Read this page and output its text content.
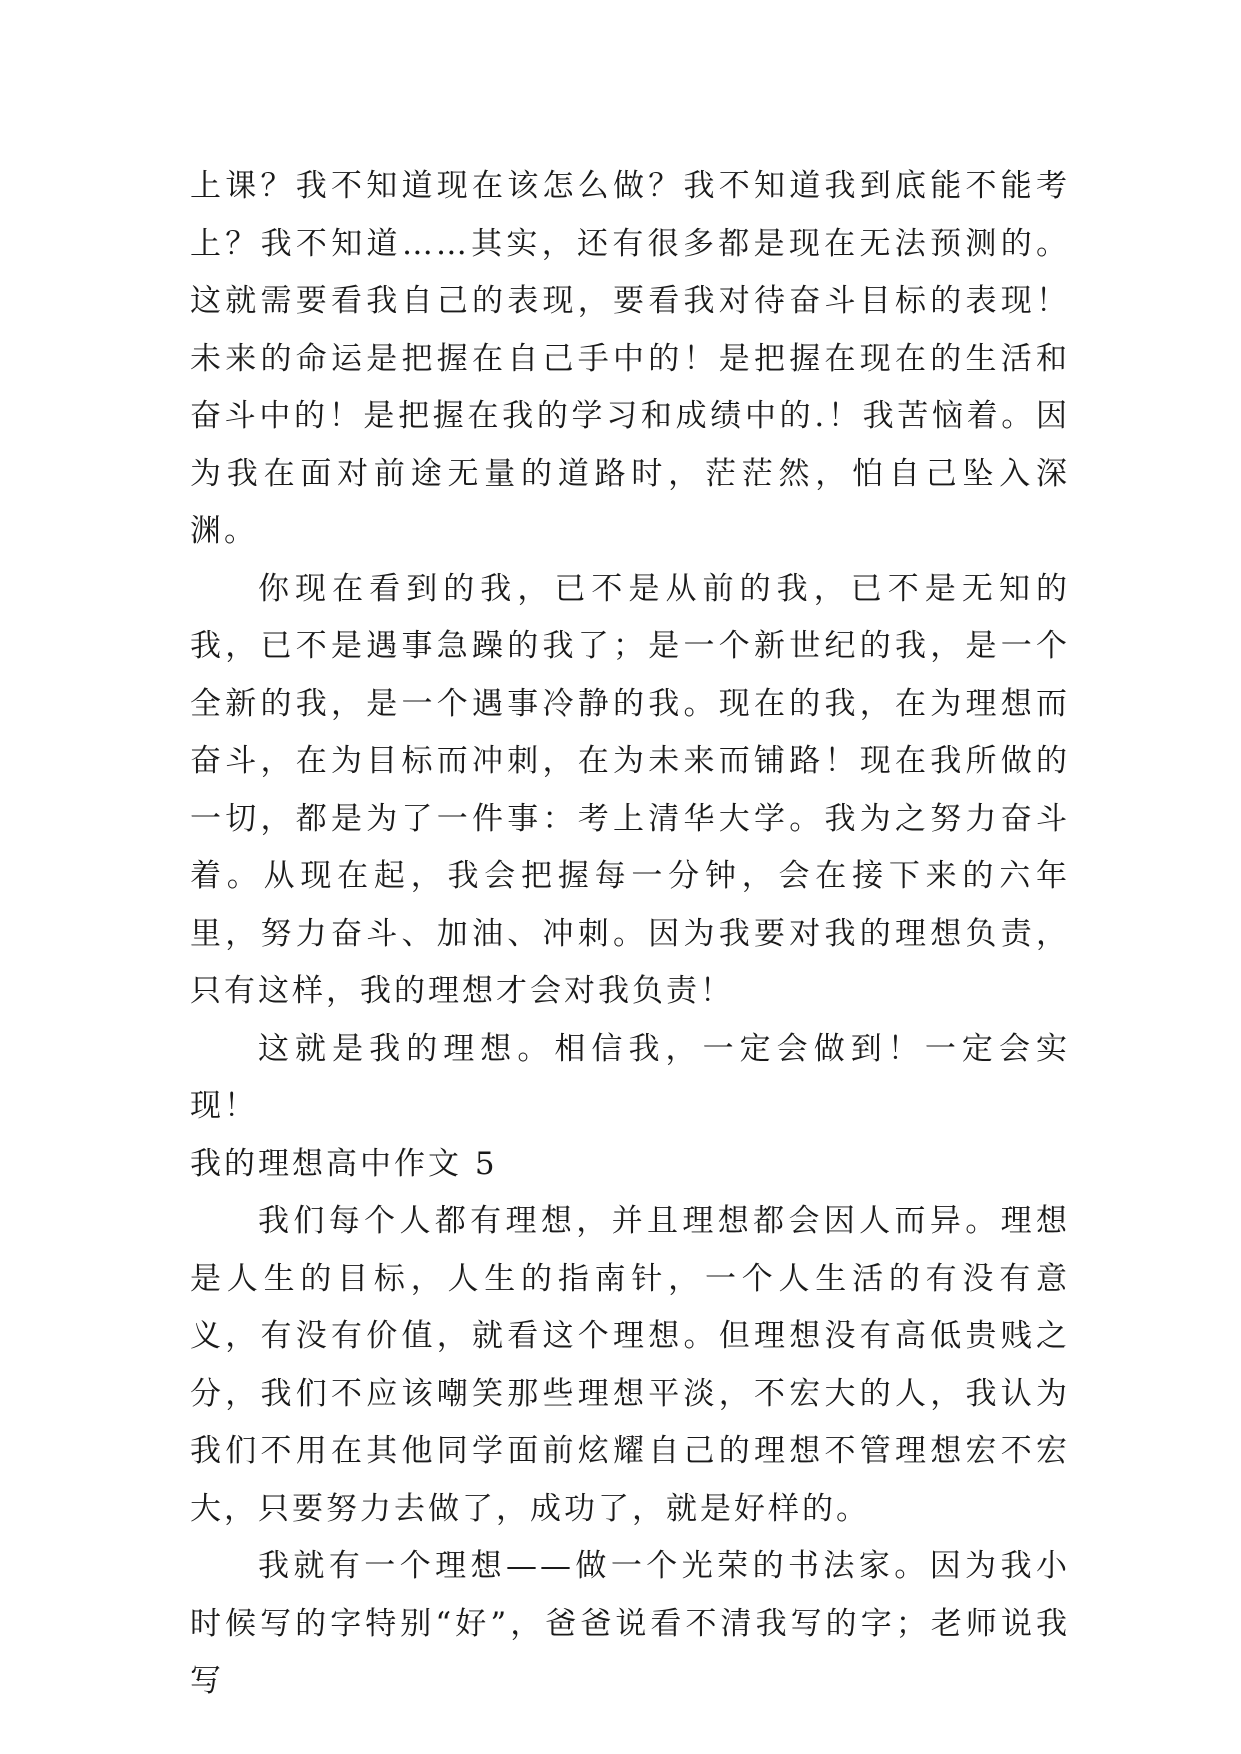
上课？我不知道现在该怎么做？我不知道我到底能不能考上？我不知道……其实，还有很多都是现在无法预测的。这就需要看我自己的表现，要看我对待奋斗目标的表现！未来的命运是把握在自己手中的！是把握在现在的生活和奋斗中的！是把握在我的学习和成绩中的.！我苦恼着。因为我在面对前途无量的道路时，茫茫然，怕自己坠入深渊。

你现在看到的我，已不是从前的我，已不是无知的我，已不是遇事急躁的我了；是一个新世纪的我，是一个全新的我，是一个遇事冷静的我。现在的我，在为理想而奋斗，在为目标而冲刺，在为未来而铺路！现在我所做的一切，都是为了一件事：考上清华大学。我为之努力奋斗着。从现在起，我会把握每一分钟，会在接下来的六年里，努力奋斗、加油、冲刺。因为我要对我的理想负责，只有这样，我的理想才会对我负责！

这就是我的理想。相信我，一定会做到！一定会实现！

我的理想高中作文 5

我们每个人都有理想，并且理想都会因人而异。理想是人生的目标，人生的指南针，一个人生活的有没有意义，有没有价值，就看这个理想。但理想没有高低贵贱之分，我们不应该嘲笑那些理想平淡，不宏大的人，我认为我们不用在其他同学面前炫耀自己的理想不管理想宏不宏大，只要努力去做了，成功了，就是好样的。

我就有一个理想——做一个光荣的书法家。因为我小时候写的字特别“好”，爸爸说看不清我写的字；老师说我写
